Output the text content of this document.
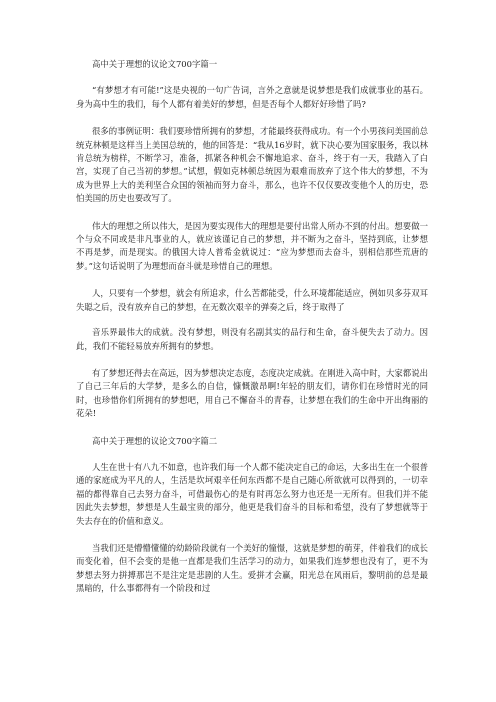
高中关于理想的议论文700字篇一

“有梦想才有可能!”这是央视的一句广告词，言外之意就是说梦想是我们成就事业的基石。身为高中生的我们，每个人都有着美好的梦想，但是否每个人都好好珍惜了吗?

很多的事例证明：我们要珍惜所拥有的梦想，才能最终获得成功。有一个小男孩问美国前总统克林顿是这样当上美国总统的，他的回答是：“我从16岁时，就下决心要为国家服务，我以林肯总统为榜样，不断学习，准备，抓紧各种机会不懈地追求、奋斗，终于有一天，我踏入了白宫，实现了自己当初的梦想。”试想，假如克林顿总统因为艰难而放弃了这个伟大的梦想，不为成为世界上大的美利坚合众国的领袖而努力奋斗，那么，也许不仅仅要改变他个人的历史，恐怕美国的历史也要改写了。

伟大的理想之所以伟大，是因为要实现伟大的理想是要付出常人所办不到的付出。想要做一个与众不同或是非凡事业的人，就应该谨记自己的梦想，并不断为之奋斗，坚持到底，让梦想不再是梦，而是现实。的俄国大诗人普希金就说过：“应为梦想而去奋斗，别相信那些荒唐的梦。”这句话说明了为理想而奋斗就是珍惜自己的理想。

人，只要有一个梦想，就会有所追求，什么苦都能受，什么环境都能适应，例如贝多芬双耳失聪之后，没有放弃自己的梦想，在无数次艰辛的弹奏之后，终于取得了

音乐界最伟大的成就。没有梦想，则没有名副其实的品行和生命，奋斗便失去了动力。因此，我们不能轻易放弃所拥有的梦想。

有了梦想还得去在高远，因为梦想决定态度，态度决定成就。在刚进入高中时，大家都说出了自己三年后的大学梦，是多么的自信，慷慨激昂啊!年轻的朋友们，请你们在珍惜时光的同时，也珍惜你们所拥有的梦想吧，用自己不懈奋斗的青春，让梦想在我们的生命中开出绚丽的花朵!

高中关于理想的议论文700字篇二

人生在世十有八九不如意，也许我们每一个人都不能决定自己的命运，大多出生在一个很普通的家庭成为平凡的人，生活是坎坷艰辛任何东西都不是自己随心所欲就可以得到的，一切幸福的都得靠自己去努力奋斗，可借最伤心的是有时再怎么努力也还是一无所有。但我们并不能因此失去梦想，梦想是人生最宝贵的部分，他更是我们奋斗的目标和希望，没有了梦想就等于失去存在的价值和意义。

当我们还是懵懵懂懂的幼龄阶段就有一个美好的憧憬，这就是梦想的萌芽，伴着我们的成长而变化着，但不会变的是他一直都是我们生活学习的动力，如果我们连梦想也没有了，更不为梦想去努力拼搏那岂不是注定是悲剧的人生。爱拼才会赢，阳光总在风雨后，黎明前的总是最黑暗的，什么事都得有一个阶段和过
